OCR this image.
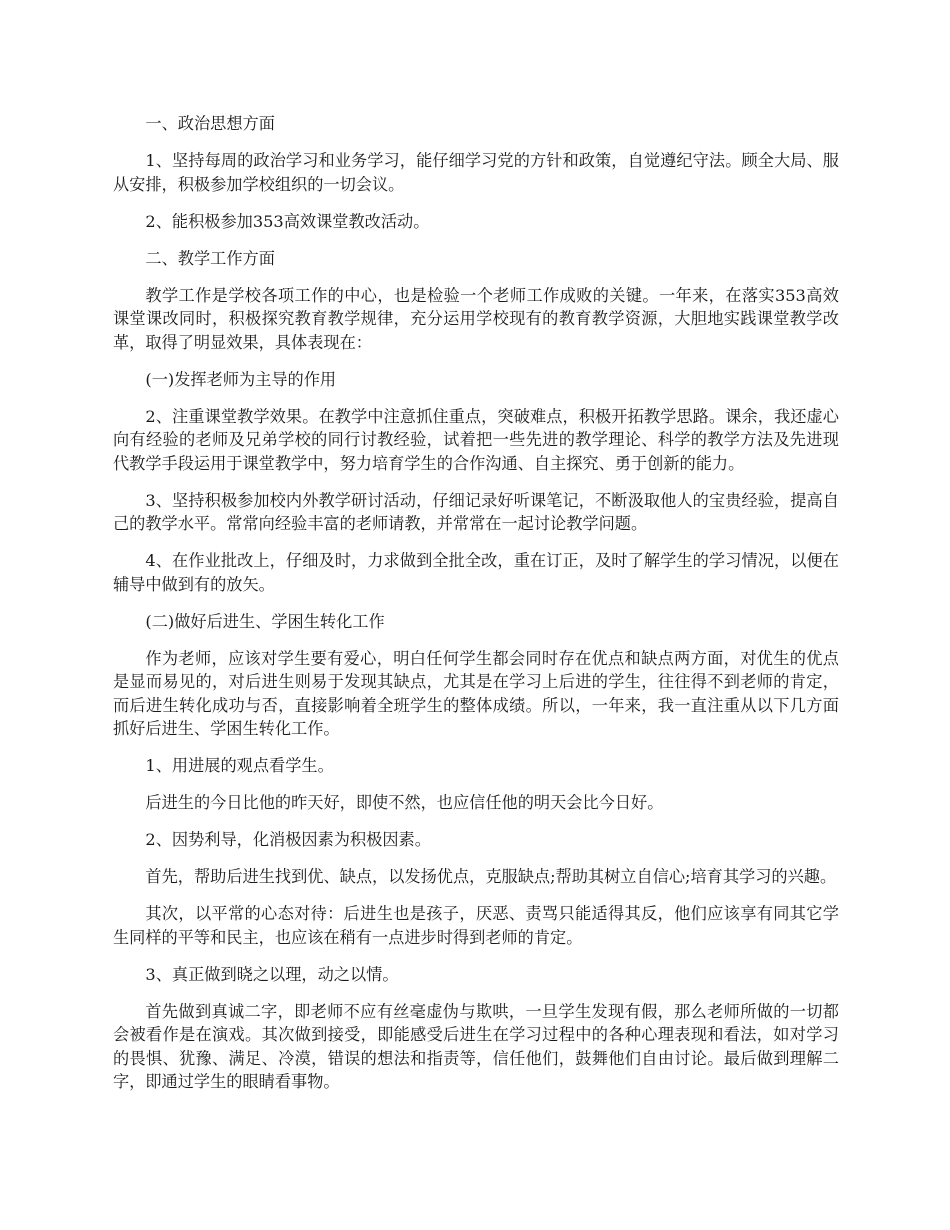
一、政治思想方面

1、坚持每周的政治学习和业务学习，能仔细学习党的方针和政策，自觉遵纪守法。顾全大局、服从安排，积极参加学校组织的一切会议。

2、能积极参加353高效课堂教改活动。

二、教学工作方面

教学工作是学校各项工作的中心，也是检验一个老师工作成败的关键。一年来，在落实353高效课堂课改同时，积极探究教育教学规律，充分运用学校现有的教育教学资源，大胆地实践课堂教学改革，取得了明显效果，具体表现在：

(一)发挥老师为主导的作用

2、注重课堂教学效果。在教学中注意抓住重点，突破难点，积极开拓教学思路。课余，我还虚心向有经验的老师及兄弟学校的同行讨教经验，试着把一些先进的教学理论、科学的教学方法及先进现代教学手段运用于课堂教学中，努力培育学生的合作沟通、自主探究、勇于创新的能力。

3、坚持积极参加校内外教学研讨活动，仔细记录好听课笔记，不断汲取他人的宝贵经验，提高自己的教学水平。常常向经验丰富的老师请教，并常常在一起讨论教学问题。

4、在作业批改上，仔细及时，力求做到全批全改，重在订正，及时了解学生的学习情况，以便在辅导中做到有的放矢。

(二)做好后进生、学困生转化工作

作为老师，应该对学生要有爱心，明白任何学生都会同时存在优点和缺点两方面，对优生的优点是显而易见的，对后进生则易于发现其缺点，尤其是在学习上后进的学生，往往得不到老师的肯定，而后进生转化成功与否，直接影响着全班学生的整体成绩。所以，一年来，我一直注重从以下几方面抓好后进生、学困生转化工作。

1、用进展的观点看学生。

后进生的今日比他的昨天好，即使不然，也应信任他的明天会比今日好。

2、因势利导，化消极因素为积极因素。

首先，帮助后进生找到优、缺点，以发扬优点，克服缺点;帮助其树立自信心;培育其学习的兴趣。

其次，以平常的心态对待：后进生也是孩子，厌恶、责骂只能适得其反，他们应该享有同其它学生同样的平等和民主，也应该在稍有一点进步时得到老师的肯定。

3、真正做到晓之以理，动之以情。

首先做到真诚二字，即老师不应有丝毫虚伪与欺哄，一旦学生发现有假，那么老师所做的一切都会被看作是在演戏。其次做到接受，即能感受后进生在学习过程中的各种心理表现和看法，如对学习的畏惧、犹豫、满足、冷漠，错误的想法和指责等，信任他们，鼓舞他们自由讨论。最后做到理解二字，即通过学生的眼睛看事物。
